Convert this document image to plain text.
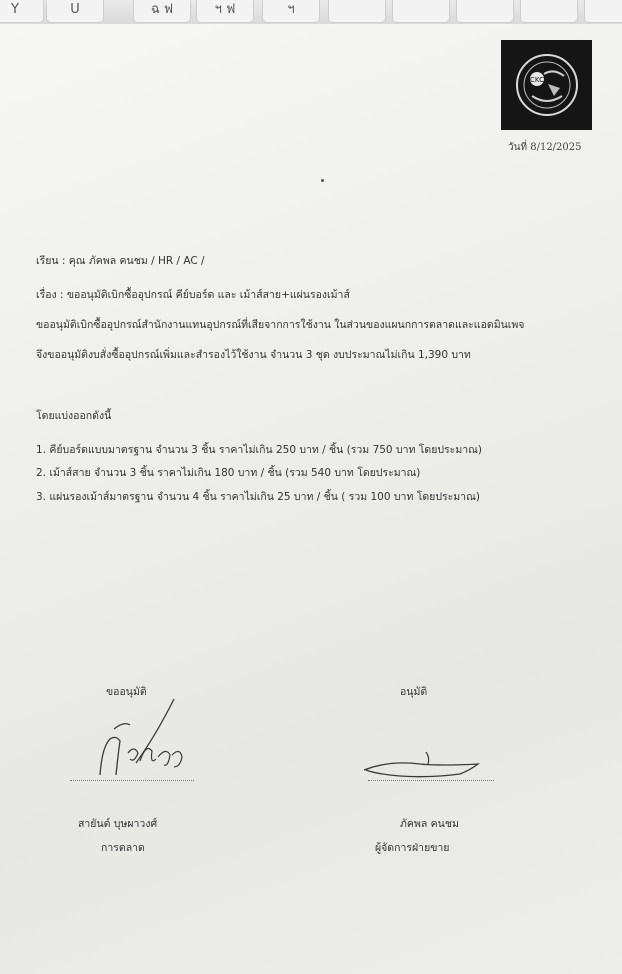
Y	U	ฉ ฟ	ฯ ฟ	ฯ
CKC
วันที่ 8/12/2025
เรียน : คุณ ภัคพล คนชม / HR / AC /
เรื่อง : ขออนุมัติเบิกซื้ออุปกรณ์ คีย์บอร์ด และ เม้าส์สาย+แผ่นรองเม้าส์
ขออนุมัติเบิกซื้ออุปกรณ์สำนักงานแทนอุปกรณ์ที่เสียจากการใช้งาน ในส่วนของแผนกการตลาดและแอดมินเพจ
จึงขออนุมัติงบสั่งซื้ออุปกรณ์เพิ่มและสำรองไว้ใช้งาน จำนวน 3 ชุด งบประมาณไม่เกิน 1,390 บาท
โดยแบ่งออกดังนี้
1. คีย์บอร์ดแบบมาตรฐาน จำนวน 3 ชิ้น ราคาไม่เกิน 250 บาท / ชิ้น (รวม 750 บาท โดยประมาณ)
2. เม้าส์สาย จำนวน 3 ชิ้น ราคาไม่เกิน 180 บาท / ชิ้น (รวม 540 บาท โดยประมาณ)
3. แผ่นรองเม้าส์มาตรฐาน จำนวน 4 ชิ้น ราคาไม่เกิน 25 บาท / ชิ้น ( รวม 100 บาท โดยประมาณ)
ขออนุมัติ	อนุมัติ
สายันต์ บุษผาวงศ์
การตลาด
ภัคพล คนชม
ผู้จัดการฝ่ายขาย
